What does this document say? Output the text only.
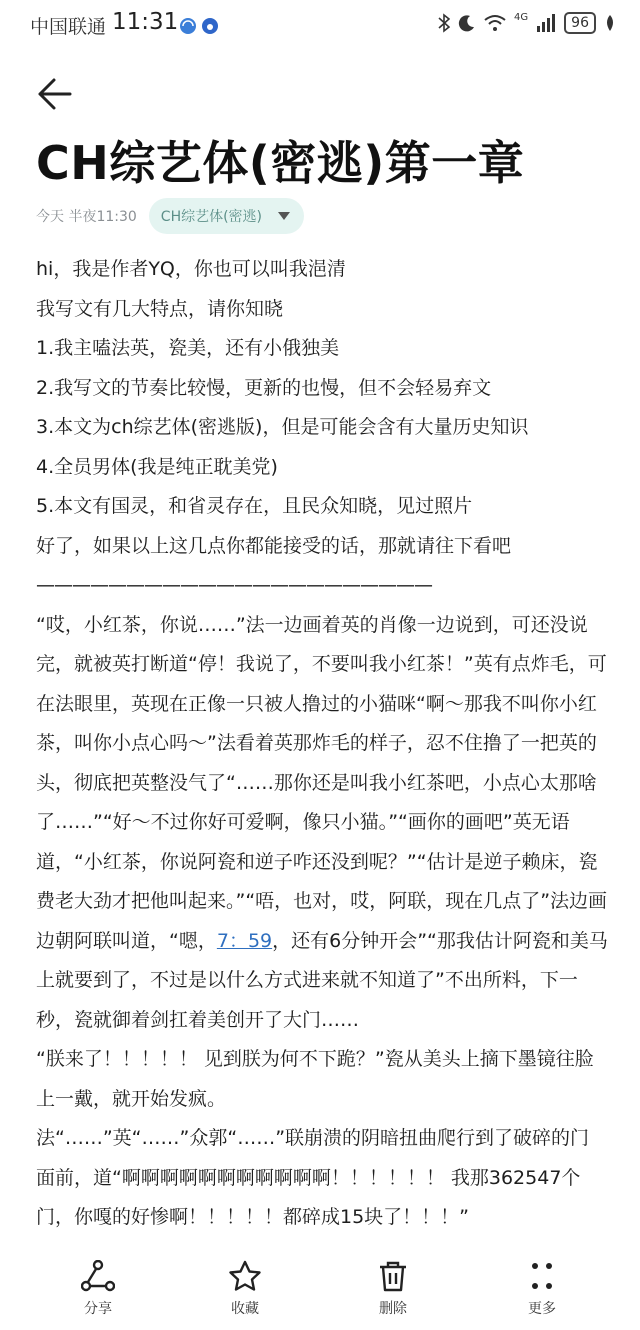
中国联通 11:31	4G	96
CH综艺体(密逃)第一章
今天 半夜11:30 CH综艺体(密逃)

hi，我是作者YQ，你也可以叫我浥清

我写文有几大特点，请你知晓

1.我主嗑法英，瓷美，还有小俄独美

2.我写文的节奏比较慢，更新的也慢，但不会轻易弃文

3.本文为ch综艺体(密逃版)，但是可能会含有大量历史知识

4.全员男体(我是纯正耽美党)

5.本文有国灵，和省灵存在，且民众知晓，见过照片

好了，如果以上这几点你都能接受的话，那就请往下看吧

——————————————————————

“哎，小红茶，你说……”法一边画着英的肖像一边说到，可还没说完，就被英打断道“停！我说了，不要叫我小红茶！”英有点炸毛，可在法眼里，英现在正像一只被人撸过的小猫咪“啊～那我不叫你小红茶，叫你小点心吗～”法看着英那炸毛的样子，忍不住撸了一把英的头，彻底把英整没气了“……那你还是叫我小红茶吧，小点心太那啥了……”“好～不过你好可爱啊，像只小猫。”“画你的画吧”英无语道，“小红茶，你说阿瓷和逆子咋还没到呢？”“估计是逆子赖床，瓷费老大劲才把他叫起来。”“唔，也对，哎，阿联，现在几点了”法边画边朝阿联叫道，“嗯，7：59，还有6分钟开会”“那我估计阿瓷和美马上就要到了，不过是以什么方式进来就不知道了”不出所料，下一秒，瓷就御着剑扛着美创开了大门……

“朕来了！！！！！ 见到朕为何不下跪？”瓷从美头上摘下墨镜往脸上一戴，就开始发疯。

法“……”英“……”众郭“……”联崩溃的阴暗扭曲爬行到了破碎的门面前，道“啊啊啊啊啊啊啊啊啊啊啊！！！！！！ 我那362547个门，你嘎的好惨啊！！！！！都碎成15块了！！！”

分享	收藏	删除	更多
